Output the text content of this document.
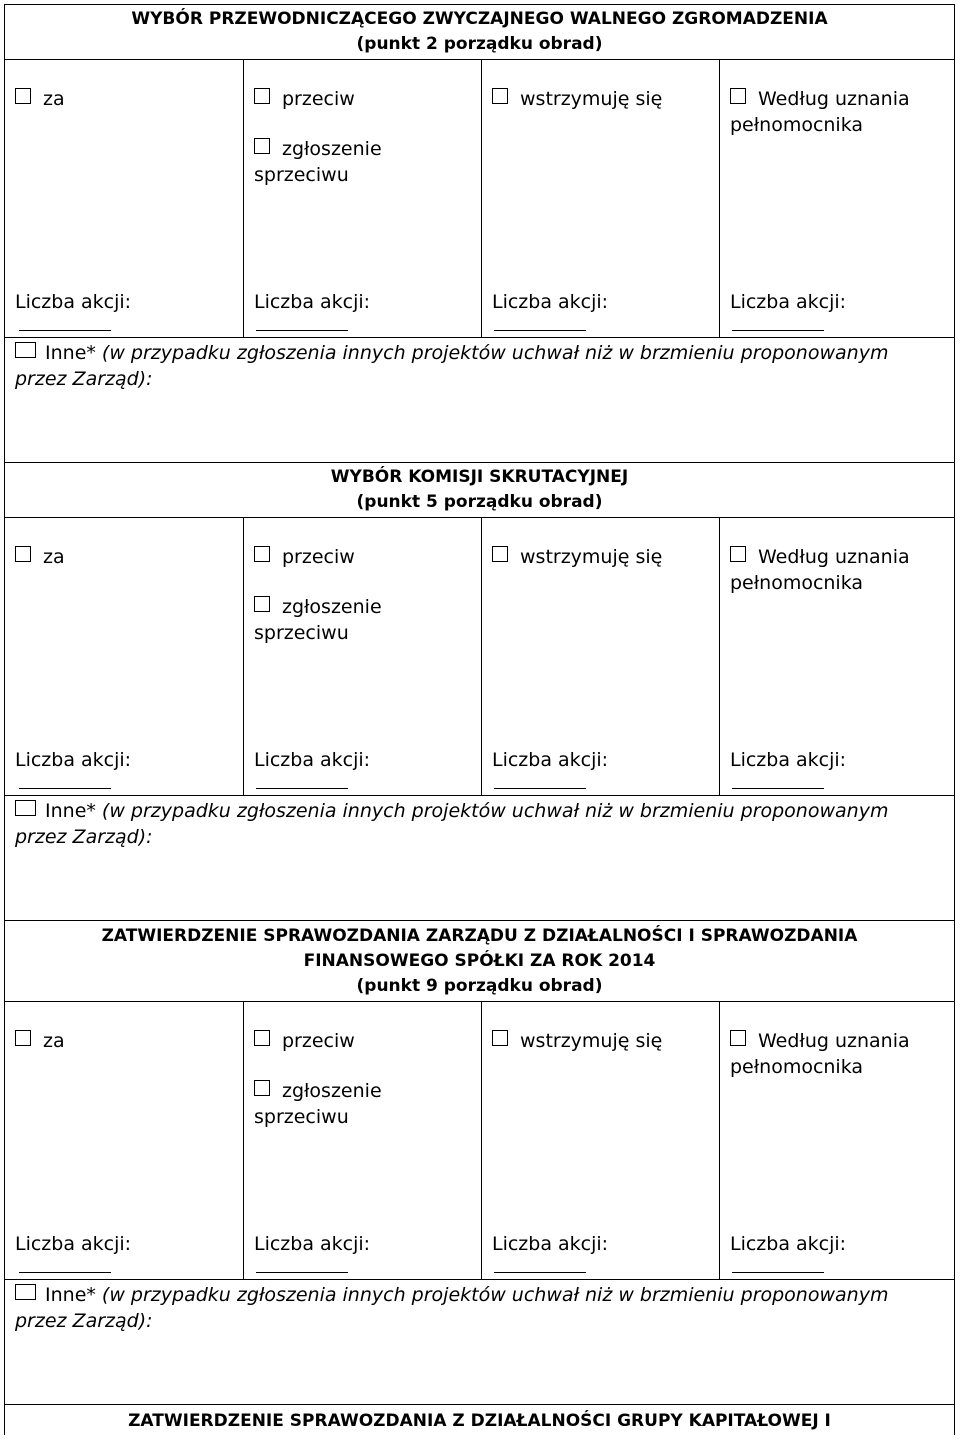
WYBÓR PRZEWODNICZĄCEGO ZWYCZAJNEGO WALNEGO ZGROMADZENIA
(punkt 2 porządku obrad)
za
Liczba akcji:
przeciw
zgłoszenie sprzeciwu
Liczba akcji:
wstrzymuję się
Liczba akcji:
Według uznania pełnomocnika
Liczba akcji:
Inne* (w przypadku zgłoszenia innych projektów uchwał niż w brzmieniu proponowanym przez Zarząd):
WYBÓR KOMISJI SKRUTACYJNEJ
(punkt 5 porządku obrad)
za
Liczba akcji:
przeciw
zgłoszenie sprzeciwu
Liczba akcji:
wstrzymuję się
Liczba akcji:
Według uznania pełnomocnika
Liczba akcji:
Inne* (w przypadku zgłoszenia innych projektów uchwał niż w brzmieniu proponowanym przez Zarząd):
ZATWIERDZENIE SPRAWOZDANIA ZARZĄDU Z DZIAŁALNOŚCI I SPRAWOZDANIA
FINANSOWEGO SPÓŁKI ZA ROK 2014
(punkt 9 porządku obrad)
za
Liczba akcji:
przeciw
zgłoszenie sprzeciwu
Liczba akcji:
wstrzymuję się
Liczba akcji:
Według uznania pełnomocnika
Liczba akcji:
Inne* (w przypadku zgłoszenia innych projektów uchwał niż w brzmieniu proponowanym przez Zarząd):
ZATWIERDZENIE SPRAWOZDANIA Z DZIAŁALNOŚCI GRUPY KAPITAŁOWEJ I
